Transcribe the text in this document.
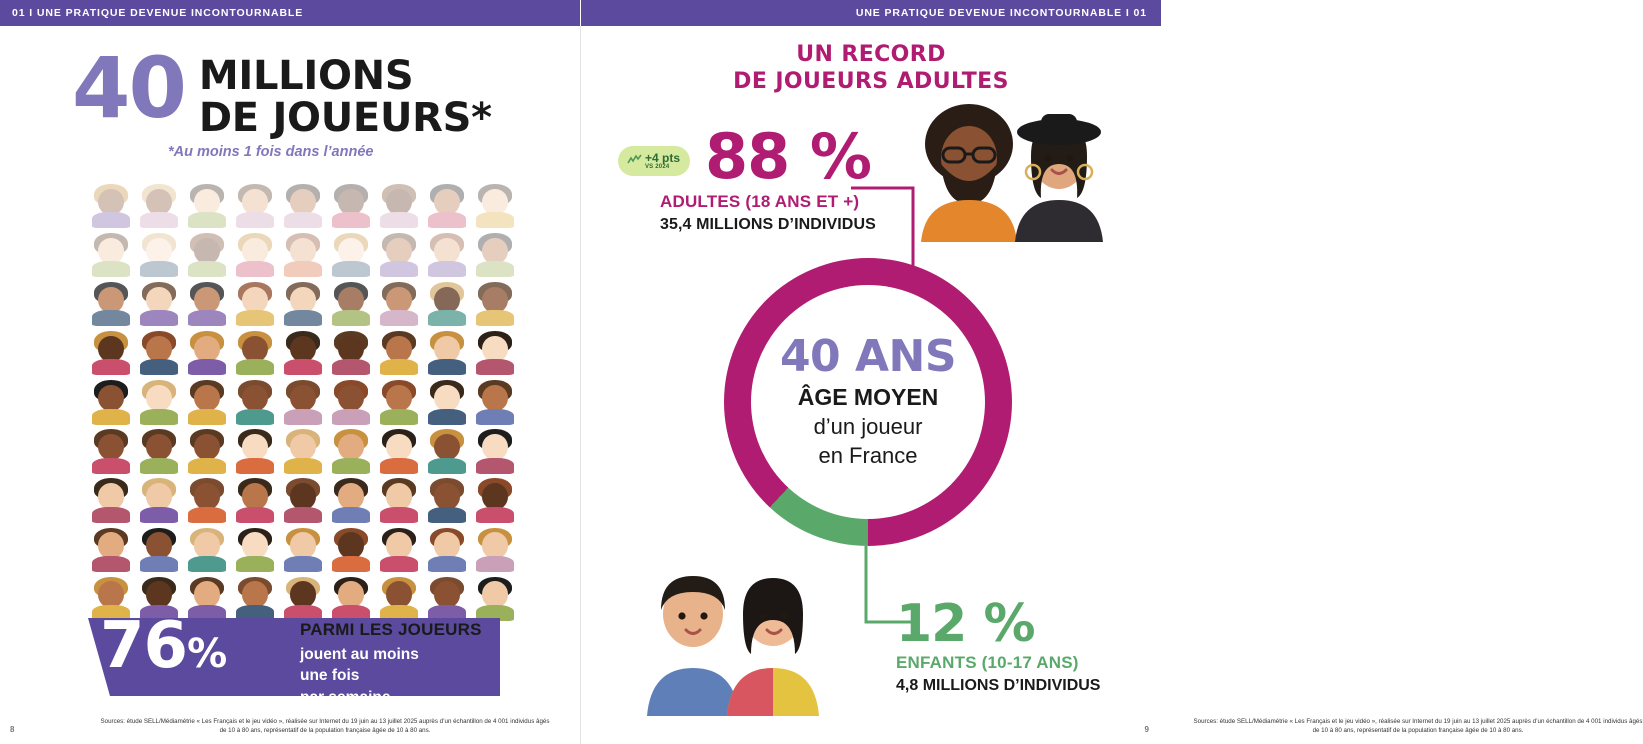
01 I UNE PRATIQUE DEVENUE INCONTOURNABLE	UNE PRATIQUE DEVENUE INCONTOURNABLE I 01
40 MILLIONS
DE JOUEURS*
*Au moins 1 fois dans l’année
76%
PARMI LES JOUEURS
jouent au moins
une fois
par semaine
Sources: étude SELL/Médiamétrie « Les Français et le jeu vidéo », réalisée sur Internet du 19 juin au 13 juillet 2025 auprès d’un échantillon de 4 001 individus âgés de 10 à 80 ans, représentatif de la population française âgée de 10 à 80 ans.
8
UN RECORD
DE JOUEURS ADULTES
+4 pts
VS 2024 88 %
ADULTES (18 ANS ET +)
35,4 MILLIONS D’INDIVIDUS
40 ANS
ÂGE MOYEN
d’un joueur
en France
12 %
ENFANTS (10-17 ANS)
4,8 MILLIONS D’INDIVIDUS
Sources: étude SELL/Médiamétrie « Les Français et le jeu vidéo », réalisée sur Internet du 19 juin au 13 juillet 2025 auprès d’un échantillon de 4 001 individus âgés de 10 à 80 ans, représentatif de la population française âgée de 10 à 80 ans.
9
